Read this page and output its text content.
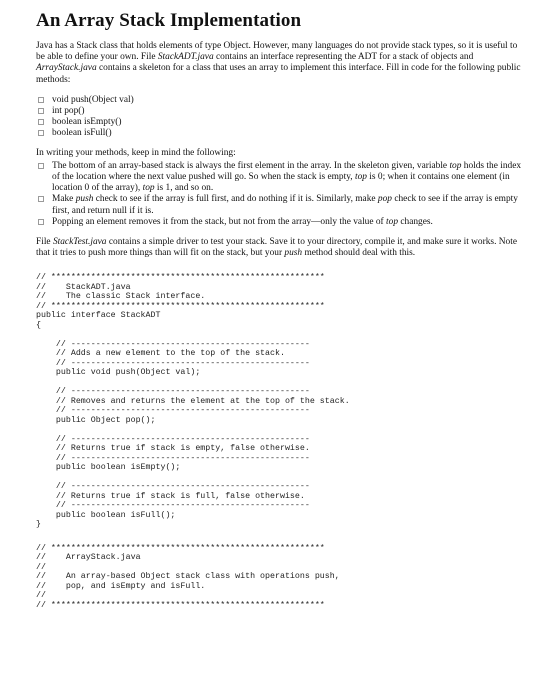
An Array Stack Implementation

Java has a Stack class that holds elements of type Object. However, many languages do not provide stack types, so it is useful to be able to define your own. File StackADT.java contains an interface representing the ADT for a stack of objects and ArrayStack.java contains a skeleton for a class that uses an array to implement this interface. Fill in code for the following public methods:

void push(Object val)
int pop()
boolean isEmpty()
boolean isFull()

In writing your methods, keep in mind the following:

The bottom of an array-based stack is always the first element in the array. In the skeleton given, variable top holds the index of the location where the next value pushed will go. So when the stack is empty, top is 0; when it contains one element (in location 0 of the array), top is 1, and so on.
Make push check to see if the array is full first, and do nothing if it is. Similarly, make pop check to see if the array is empty first, and return null if it is.
Popping an element removes it from the stack, but not from the array—only the value of top changes.

File StackTest.java contains a simple driver to test your stack. Save it to your directory, compile it, and make sure it works. Note that it tries to push more things than will fit on the stack, but your push method should deal with this.

// *******************************************************
//    StackADT.java
//    The classic Stack interface.
// *******************************************************
public interface StackADT
{
// ------------------------------------------------
// Adds a new element to the top of the stack.
// ------------------------------------------------
public void push(Object val);
// ------------------------------------------------
// Removes and returns the element at the top of the stack.
// ------------------------------------------------
public Object pop();
// ------------------------------------------------
// Returns true if stack is empty, false otherwise.
// ------------------------------------------------
public boolean isEmpty();
// ------------------------------------------------
// Returns true if stack is full, false otherwise.
// ------------------------------------------------
public boolean isFull();
}
// *******************************************************
//    ArrayStack.java
//
//    An array-based Object stack class with operations push,
//    pop, and isEmpty and isFull.
//
// *******************************************************
